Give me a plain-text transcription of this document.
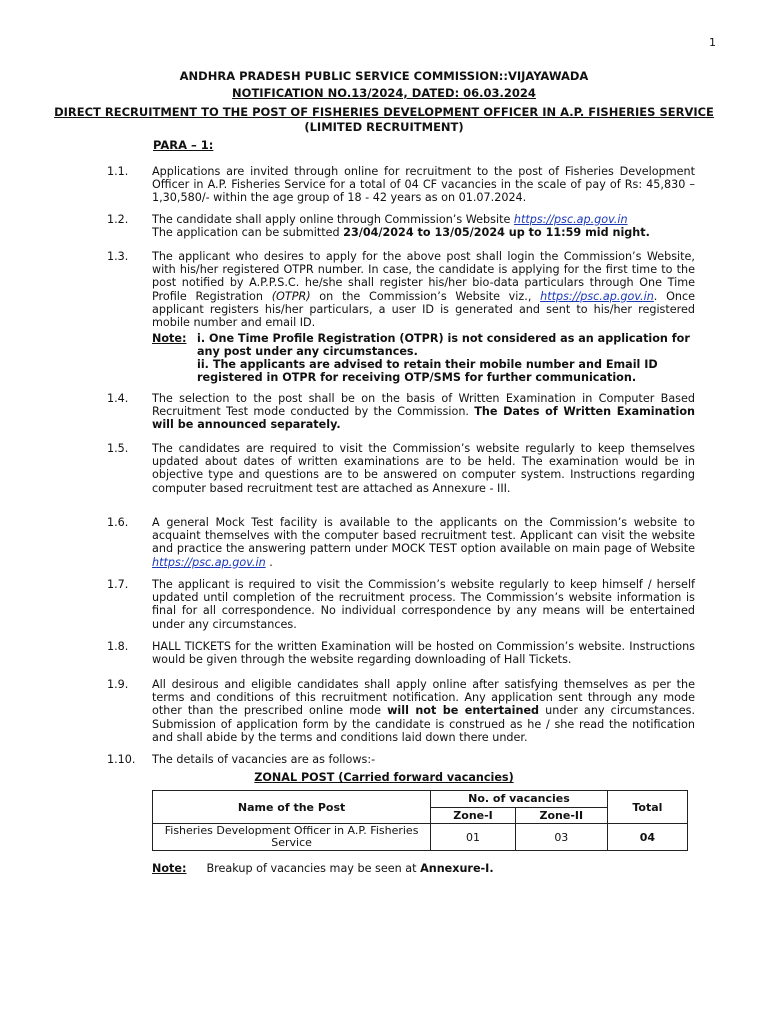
1
ANDHRA PRADESH PUBLIC SERVICE COMMISSION::VIJAYAWADA
NOTIFICATION NO.13/2024, DATED: 06.03.2024
DIRECT RECRUITMENT TO THE POST OF FISHERIES DEVELOPMENT OFFICER IN A.P. FISHERIES SERVICE
(LIMITED RECRUITMENT)
PARA – 1:
1.1. Applications are invited through online for recruitment to the post of Fisheries Development Officer in A.P. Fisheries Service for a total of 04 CF vacancies in the scale of pay of Rs: 45,830 – 1,30,580/- within the age group of 18 - 42 years as on 01.07.2024.
1.2. The candidate shall apply online through Commission’s Website https://psc.ap.gov.in
The application can be submitted 23/04/2024 to 13/05/2024 up to 11:59 mid night.
1.3. The applicant who desires to apply for the above post shall login the Commission’s Website, with his/her registered OTPR number. In case, the candidate is applying for the first time to the post notified by A.P.P.S.C. he/she shall register his/her bio-data particulars through One Time Profile Registration (OTPR) on the Commission’s Website viz., https://psc.ap.gov.in. Once applicant registers his/her particulars, a user ID is generated and sent to his/her registered mobile number and email ID.
Note: i. One Time Profile Registration (OTPR) is not considered as an application for any post under any circumstances.
ii. The applicants are advised to retain their mobile number and Email ID registered in OTPR for receiving OTP/SMS for further communication.
1.4. The selection to the post shall be on the basis of Written Examination in Computer Based Recruitment Test mode conducted by the Commission. The Dates of Written Examination will be announced separately.
1.5. The candidates are required to visit the Commission’s website regularly to keep themselves updated about dates of written examinations are to be held. The examination would be in objective type and questions are to be answered on computer system. Instructions regarding computer based recruitment test are attached as Annexure - III.
1.6. A general Mock Test facility is available to the applicants on the Commission’s website to acquaint themselves with the computer based recruitment test. Applicant can visit the website and practice the answering pattern under MOCK TEST option available on main page of Website https://psc.ap.gov.in .
1.7. The applicant is required to visit the Commission’s website regularly to keep himself / herself updated until completion of the recruitment process. The Commission’s website information is final for all correspondence. No individual correspondence by any means will be entertained under any circumstances.
1.8. HALL TICKETS for the written Examination will be hosted on Commission’s website. Instructions would be given through the website regarding downloading of Hall Tickets.
1.9. All desirous and eligible candidates shall apply online after satisfying themselves as per the terms and conditions of this recruitment notification. Any application sent through any mode other than the prescribed online mode will not be entertained under any circumstances. Submission of application form by the candidate is construed as he / she read the notification and shall abide by the terms and conditions laid down there under.
1.10. The details of vacancies are as follows:-
ZONAL POST (Carried forward vacancies)
Name of the Post	No. of vacancies		Total
	Zone-I	Zone-II	
Fisheries Development Officer in A.P. Fisheries Service	01	03	04
Note: Breakup of vacancies may be seen at Annexure-I.
